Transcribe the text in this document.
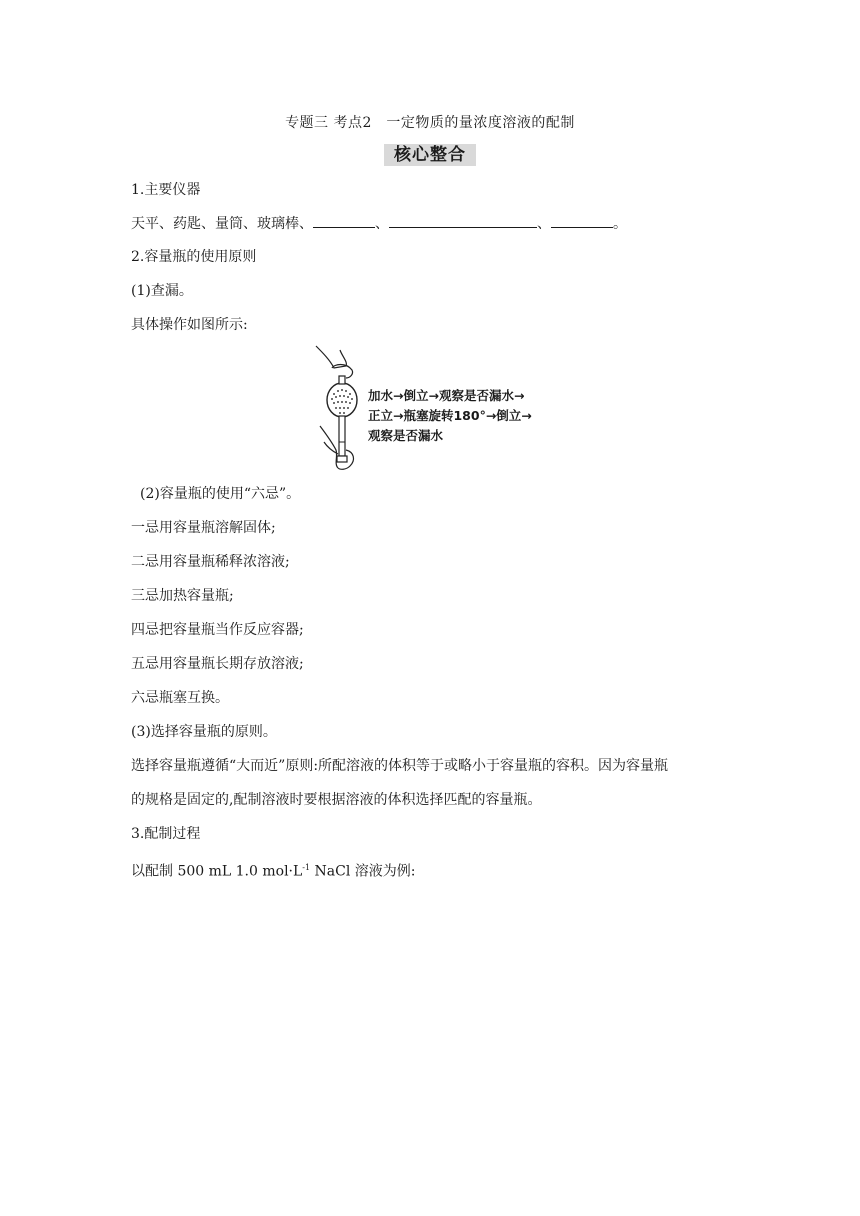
专题三 考点2　一定物质的量浓度溶液的配制
核心整合
1.主要仪器
天平、药匙、量筒、玻璃棒、	、	、	。
2.容量瓶的使用原则
(1)查漏。
具体操作如图所示:
加水→倒立→观察是否漏水→
正立→瓶塞旋转180°→倒立→
观察是否漏水
(2)容量瓶的使用“六忌”。
一忌用容量瓶溶解固体;
二忌用容量瓶稀释浓溶液;
三忌加热容量瓶;
四忌把容量瓶当作反应容器;
五忌用容量瓶长期存放溶液;
六忌瓶塞互换。
(3)选择容量瓶的原则。
选择容量瓶遵循“大而近”原则:所配溶液的体积等于或略小于容量瓶的容积。因为容量瓶
的规格是固定的,配制溶液时要根据溶液的体积选择匹配的容量瓶。
3.配制过程
以配制 500 mL 1.0 $mol\cdot L^{-1}$ NaCl 溶液为例:
